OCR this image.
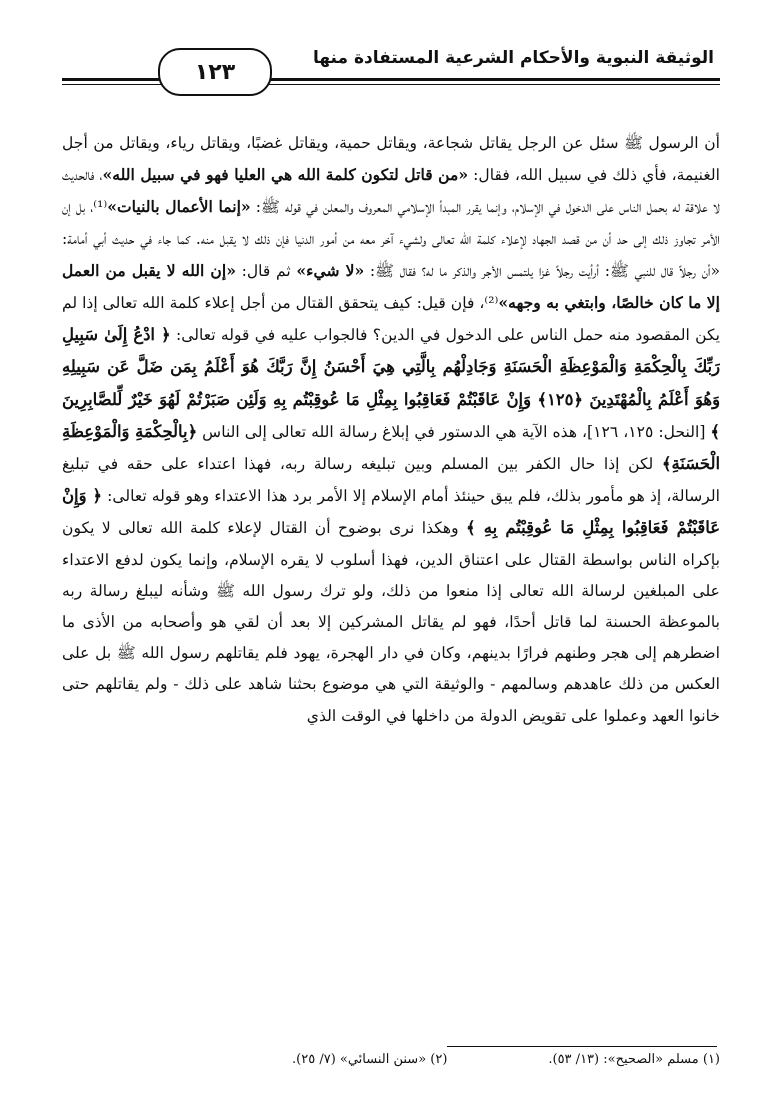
الوثيقة النبوية والأحكام الشرعية المستفادة منها
١٢٣

أن الرسول ﷺ سئل عن الرجل يقاتل شجاعة، ويقاتل حمية، ويقاتل غضبًا، ويقاتل رياء، ويقاتل من أجل الغنيمة، فأي ذلك في سبيل الله، فقال: «من قاتل لتكون كلمة الله هي العليا فهو في سبيل الله»، فالحديث لا علاقة له بحمل الناس على الدخول في الإسلام، وإنما يقرر المبدأ الإسلامي المعروف والمعلن في قوله ﷺ: «إنما الأعمال بالنيات»⁽¹⁾، بل إن الأمر تجاوز ذلك إلى حد أن من قصد الجهاد لإعلاء كلمة الله تعالى ولشيء آخر معه من أمور الدنيا فإن ذلك لا يقبل منه. كما جاء في حديث أبي أمامة: «أن رجلاً قال للنبي ﷺ: أرأيت رجلاً غزا يلتمس الأجر والذكر ما له؟ فقال ﷺ: «لا شيء» ثم قال: «إن الله لا يقبل من العمل إلا ما كان خالصًا، وابتغي به وجهه»⁽²⁾، فإن قيل: كيف يتحقق القتال من أجل إعلاء كلمة الله تعالى إذا لم يكن المقصود منه حمل الناس على الدخول في الدين؟ فالجواب عليه في قوله تعالى: ﴿ ادْعُ إِلَىٰ سَبِيلِ رَبِّكَ بِالْحِكْمَةِ وَالْمَوْعِظَةِ الْحَسَنَةِ وَجَادِلْهُم بِالَّتِي هِيَ أَحْسَنُ إِنَّ رَبَّكَ هُوَ أَعْلَمُ بِمَن ضَلَّ عَن سَبِيلِهِ وَهُوَ أَعْلَمُ بِالْمُهْتَدِينَ ﴿١٢٥﴾ وَإِنْ عَاقَبْتُمْ فَعَاقِبُوا بِمِثْلِ مَا عُوقِبْتُم بِهِ وَلَئِن صَبَرْتُمْ لَهُوَ خَيْرٌ لِّلصَّابِرِينَ ﴾ [النحل: ١٢٥، ١٢٦]، هذه الآية هي الدستور في إبلاغ رسالة الله تعالى إلى الناس ﴿بِالْحِكْمَةِ وَالْمَوْعِظَةِ الْحَسَنَةِ﴾ لكن إذا حال الكفر بين المسلم وبين تبليغه رسالة ربه، فهذا اعتداء على حقه في تبليغ الرسالة، إذ هو مأمور بذلك، فلم يبق حينئذ أمام الإسلام إلا الأمر برد هذا الاعتداء وهو قوله تعالى: ﴿ وَإِنْ عَاقَبْتُمْ فَعَاقِبُوا بِمِثْلِ مَا عُوقِبْتُم بِهِ ﴾ وهكذا نرى بوضوح أن القتال لإعلاء كلمة الله تعالى لا يكون بإكراه الناس بواسطة القتال على اعتناق الدين، فهذا أسلوب لا يقره الإسلام، وإنما يكون لدفع الاعتداء على المبلغين لرسالة الله تعالى إذا منعوا من ذلك، ولو ترك رسول الله ﷺ وشأنه ليبلغ رسالة ربه بالموعظة الحسنة لما قاتل أحدًا، فهو لم يقاتل المشركين إلا بعد أن لقي هو وأصحابه من الأذى ما اضطرهم إلى هجر وطنهم فرارًا بدينهم، وكان في دار الهجرة، يهود فلم يقاتلهم رسول الله ﷺ بل على العكس من ذلك عاهدهم وسالمهم - والوثيقة التي هي موضوع بحثنا شاهد على ذلك - ولم يقاتلهم حتى خانوا العهد وعملوا على تقويض الدولة من داخلها في الوقت الذي

(١) مسلم «الصحيح»: (١٣/ ٥٣).
(٢) «سنن النسائي» (٧/ ٢٥).
